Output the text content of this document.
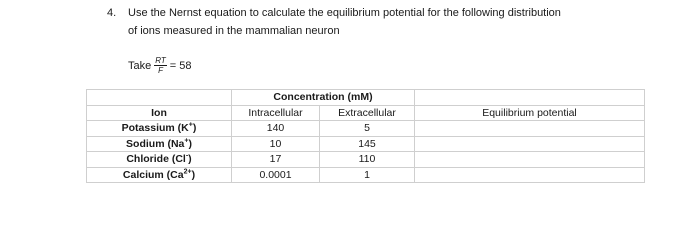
4. Use the Nernst equation to calculate the equilibrium potential for the following distribution
of ions measured in the mammalian neuron
Take $\frac{RT}{F} = 58$
	Concentration (mM)		
Ion	Intracellular	Extracellular	Equilibrium potential
Potassium (K+)	140	5	
Sodium (Na+)	10	145	
Chloride (Cl-)	17	110	
Calcium $(Ca^{2+})$	0.0001	1	
